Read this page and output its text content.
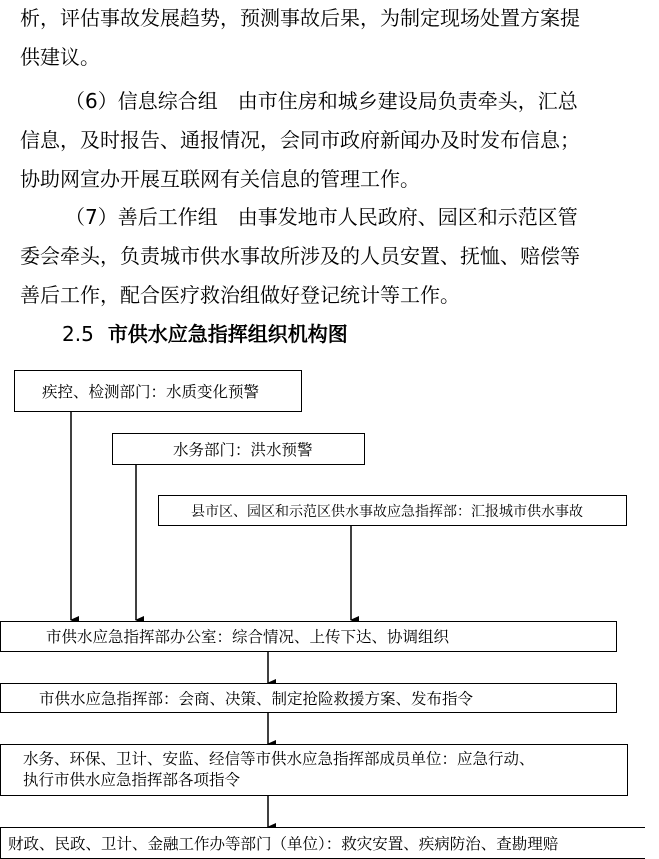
析，评估事故发展趋势，预测事故后果，为制定现场处置方案提
供建议。
（6）信息综合组　由市住房和城乡建设局负责牵头，汇总
信息，及时报告、通报情况，会同市政府新闻办及时发布信息；
协助网宣办开展互联网有关信息的管理工作。
（7）善后工作组　由事发地市人民政府、园区和示范区管
委会牵头，负责城市供水事故所涉及的人员安置、抚恤、赔偿等
善后工作，配合医疗救治组做好登记统计等工作。
2.5 市供水应急指挥组织机构图
疾控、检测部门：水质变化预警
水务部门：洪水预警
县市区、园区和示范区供水事故应急指挥部：汇报城市供水事故
市供水应急指挥部办公室：综合情况、上传下达、协调组织
市供水应急指挥部：会商、决策、制定抢险救援方案、发布指令
水务、环保、卫计、安监、经信等市供水应急指挥部成员单位：应急行动、
执行市供水应急指挥部各项指令
财政、民政、卫计、金融工作办等部门（单位）：救灾安置、疾病防治、查勘理赔
